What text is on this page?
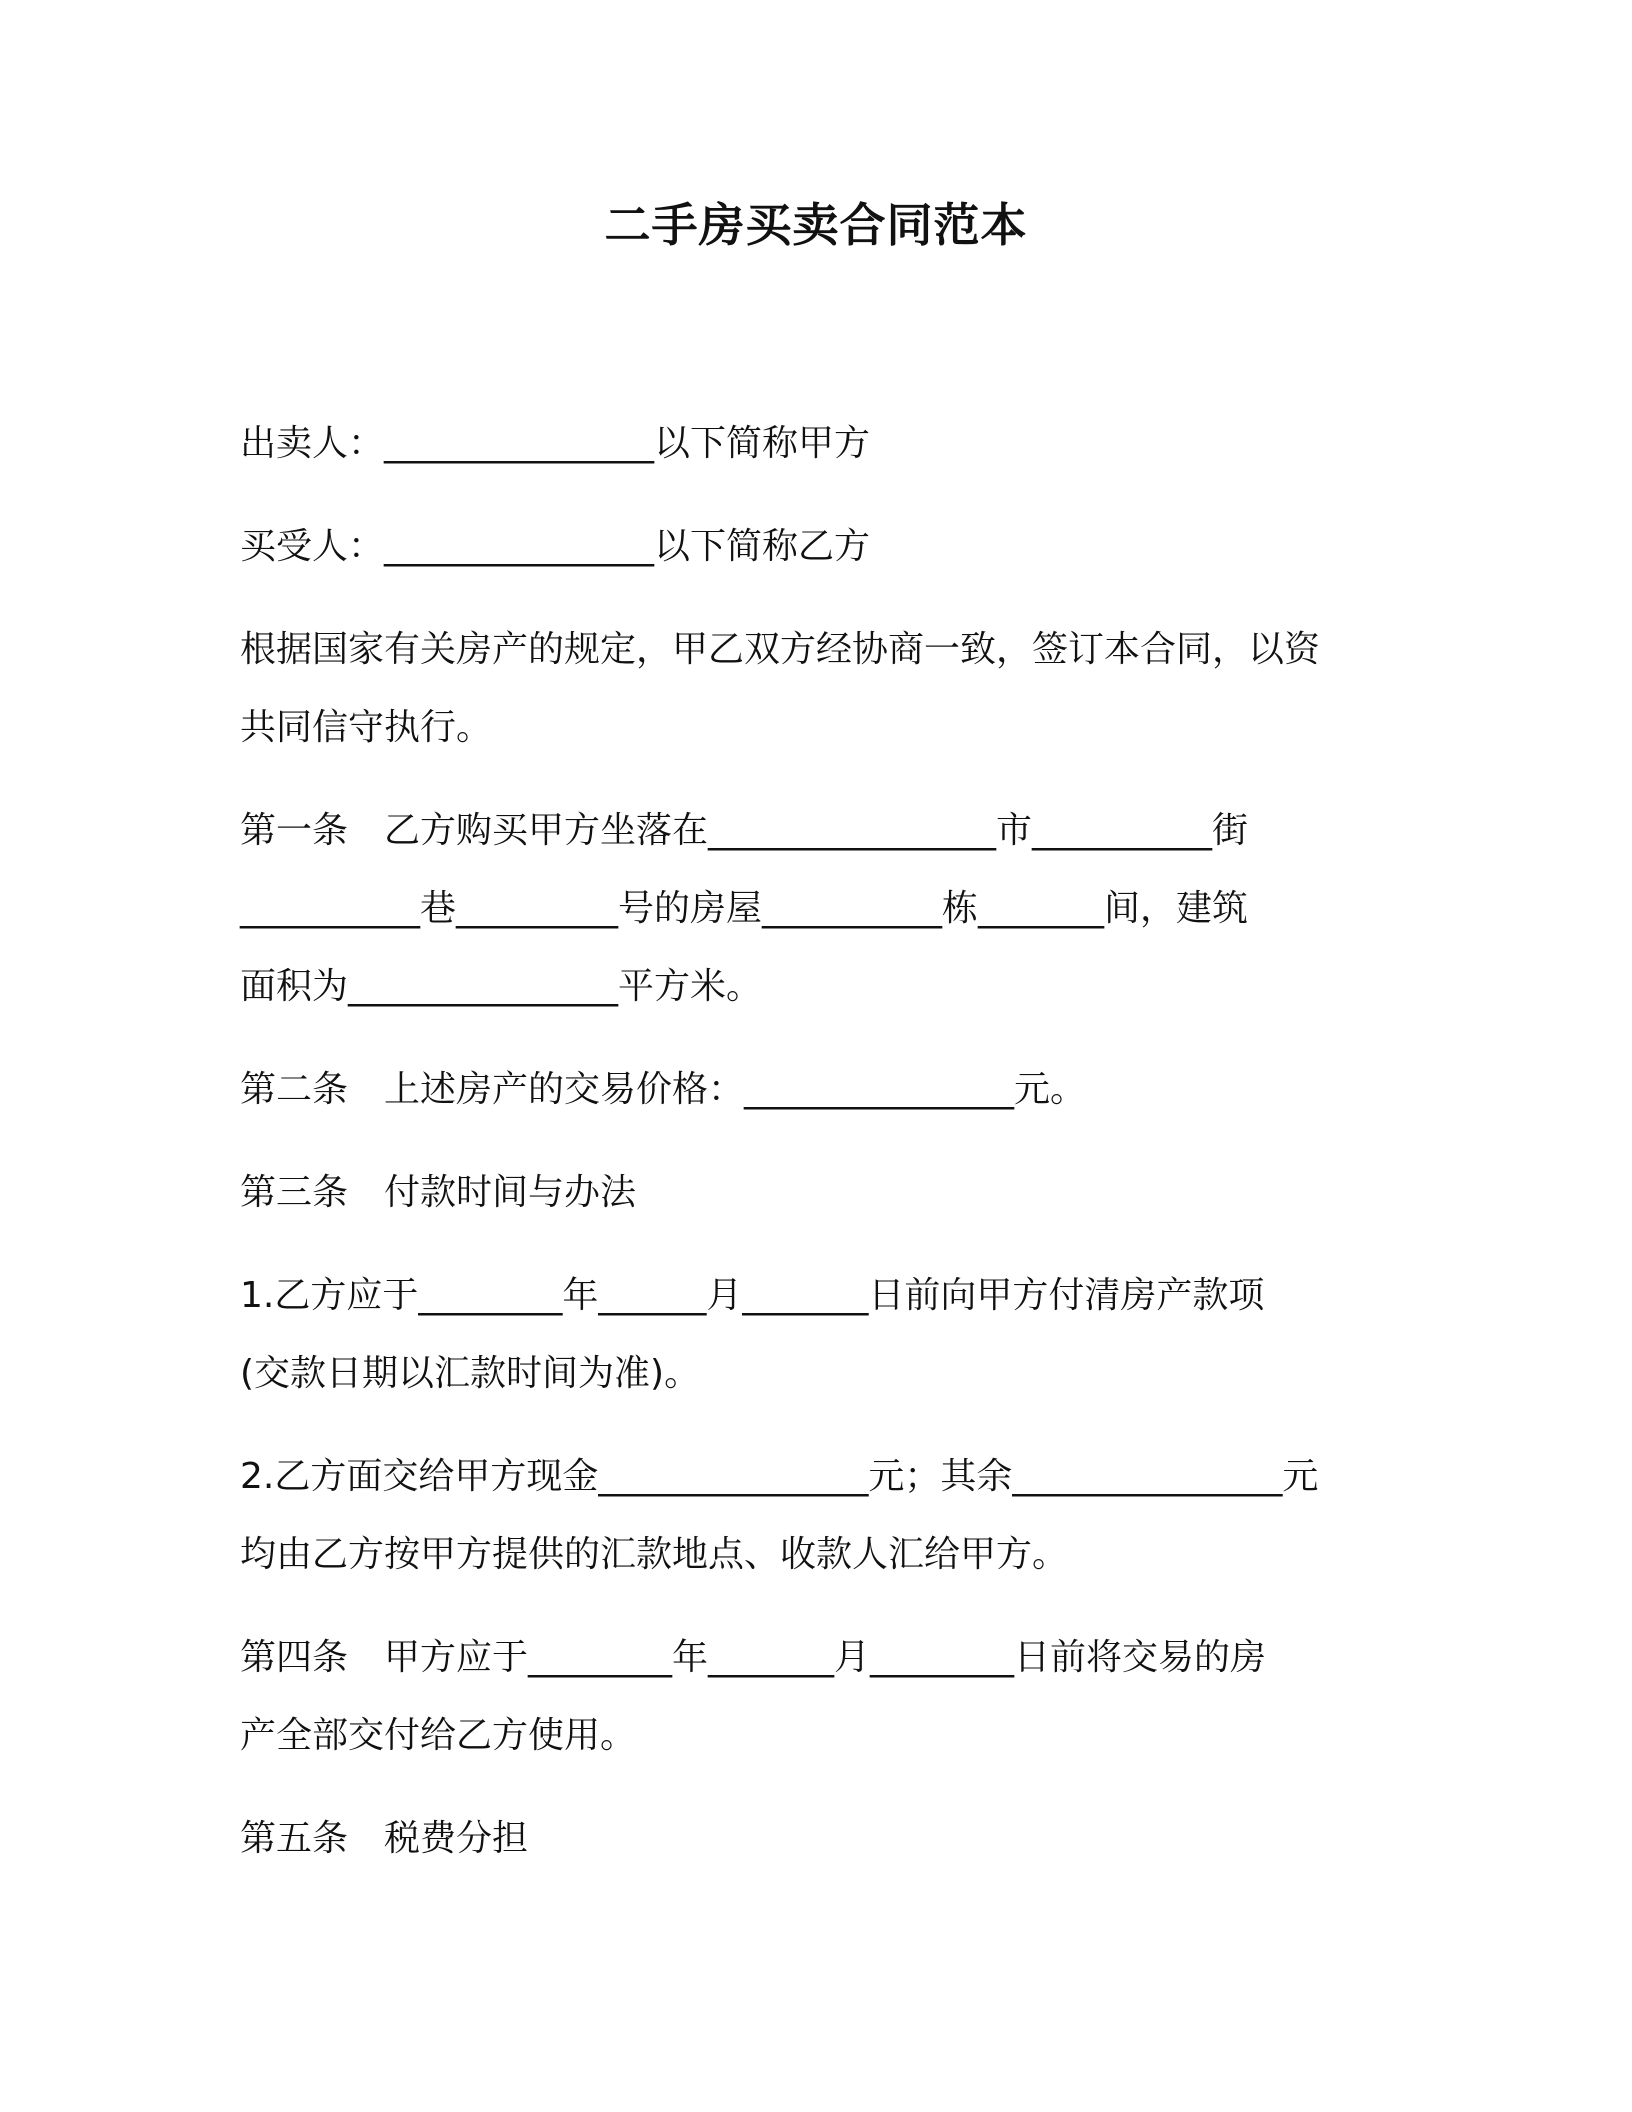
二手房买卖合同范本

出卖人：_______________以下简称甲方

买受人：_______________以下简称乙方

根据国家有关房产的规定，甲乙双方经协商一致，签订本合同，以资

共同信守执行。

第一条　乙方购买甲方坐落在________________市__________街

__________巷_________号的房屋__________栋_______间，建筑

面积为_______________平方米。

第二条　上述房产的交易价格：_______________元。

第三条　付款时间与办法

1.乙方应于________年______月_______日前向甲方付清房产款项

(交款日期以汇款时间为准)。

2.乙方面交给甲方现金_______________元；其余_______________元

均由乙方按甲方提供的汇款地点、收款人汇给甲方。

第四条　甲方应于________年_______月________日前将交易的房

产全部交付给乙方使用。

第五条　税费分担
